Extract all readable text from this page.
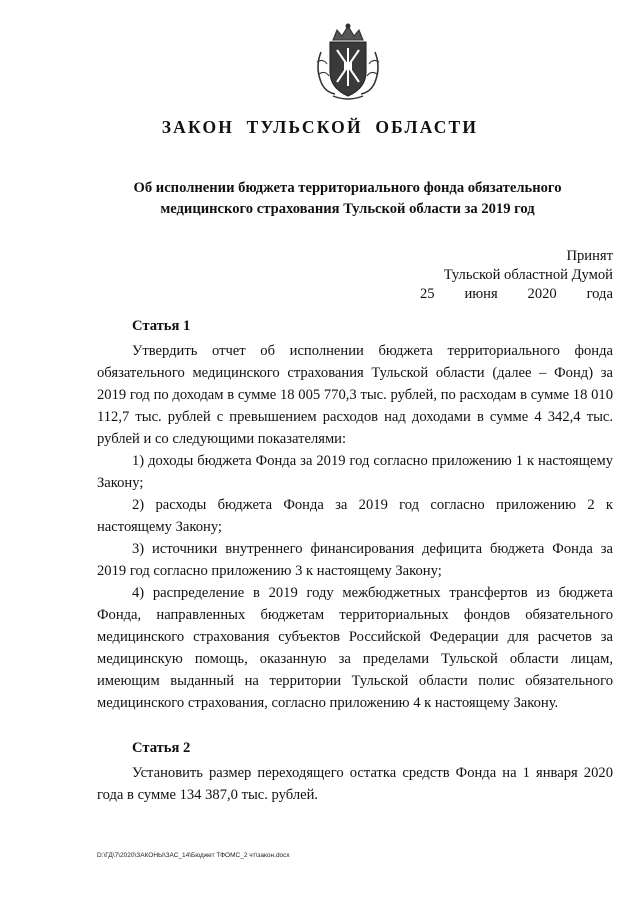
ЗАКОН ТУЛЬСКОЙ ОБЛАСТИ
Об исполнении бюджета территориального фонда обязательного медицинского страхования Тульской области за 2019 год
Принят
Тульской областной Думой
25 июня 2020 года
Статья 1

Утвердить отчет об исполнении бюджета территориального фонда обязательного медицинского страхования Тульской области (далее – Фонд) за 2019 год по доходам в сумме 18 005 770,3 тыс. рублей, по расходам в сумме 18 010 112,7 тыс. рублей с превышением расходов над доходами в сумме 4 342,4 тыс. рублей и со следующими показателями:

1) доходы бюджета Фонда за 2019 год согласно приложению 1 к настоящему Закону;

2) расходы бюджета Фонда за 2019 год согласно приложению 2 к настоящему Закону;

3) источники внутреннего финансирования дефицита бюджета Фонда за 2019 год согласно приложению 3 к настоящему Закону;

4) распределение в 2019 году межбюджетных трансфертов из бюджета Фонда, направленных бюджетам территориальных фондов обязательного медицинского страхования субъектов Российской Федерации для расчетов за медицинскую помощь, оказанную за пределами Тульской области лицам, имеющим выданный на территории Тульской области полис обязательного медицинского страхования, согласно приложению 4 к настоящему Закону.

Статья 2

Установить размер переходящего остатка средств Фонда на 1 января 2020 года в сумме 134 387,0 тыс. рублей.

D:\ГД\7\2020\ЗАКОНЫ\ЗАС_14\Бюджет ТФОМС_2 чт\закон.docx
